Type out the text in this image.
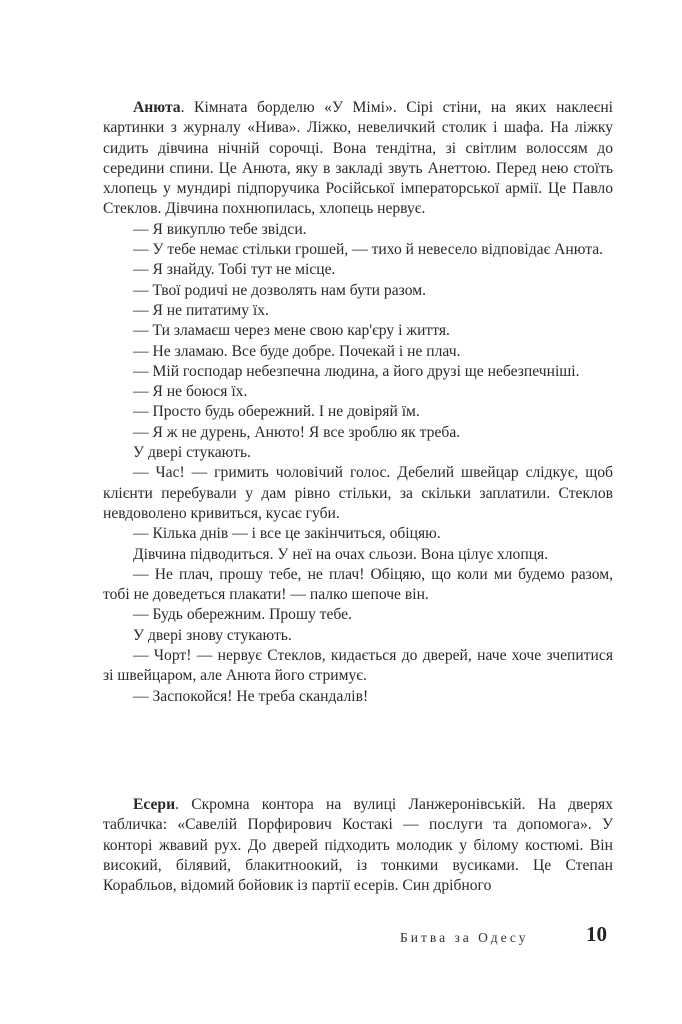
Анюта. Кімната борделю «У Мімі». Сірі стіни, на яких наклеєні картинки з журналу «Нива». Ліжко, невеличкий столик і шафа. На ліжку сидить дівчина нічній сорочці. Вона тендітна, зі світлим волоссям до середини спини. Це Анюта, яку в закладі звуть Анеттою. Перед нею стоїть хлопець у мундирі підпоручика Російської імператорської армії. Це Павло Стеклов. Дівчина похнюпилась, хлопець нервує.

— Я викуплю тебе звідси.

— У тебе немає стільки грошей, — тихо й невесело відповідає Анюта.

— Я знайду. Тобі тут не місце.

— Твої родичі не дозволять нам бути разом.

— Я не питатиму їх.

— Ти зламаєш через мене свою кар'єру і життя.

— Не зламаю. Все буде добре. Почекай і не плач.

— Мій господар небезпечна людина, а його друзі ще небезпечніші.

— Я не боюся їх.

— Просто будь обережний. І не довіряй їм.

— Я ж не дурень, Анюто! Я все зроблю як треба.

У двері стукають.

— Час! — гримить чоловічий голос. Дебелий швейцар слідкує, щоб клієнти перебували у дам рівно стільки, за скільки заплатили. Стеклов невдоволено кривиться, кусає губи.

— Кілька днів — і все це закінчиться, обіцяю.

Дівчина підводиться. У неї на очах сльози. Вона цілує хлопця.

— Не плач, прошу тебе, не плач! Обіцяю, що коли ми будемо разом, тобі не доведеться плакати! — палко шепоче він.

— Будь обережним. Прошу тебе.

У двері знову стукають.

— Чорт! — нервує Стеклов, кидається до дверей, наче хоче зчепитися зі швейцаром, але Анюта його стримує.

— Заспокойся! Не треба скандалів!

Есери. Скромна контора на вулиці Ланжеронівській. На дверях табличка: «Савелій Порфирович Костакі — послуги та допомога». У конторі жвавий рух. До дверей підходить молодик у білому костюмі. Він високий, білявий, блакитноокий, із тонкими вусиками. Це Степан Корабльов, відомий бойовик із партії есерів. Син дрібного

Битва за Одесу	10
